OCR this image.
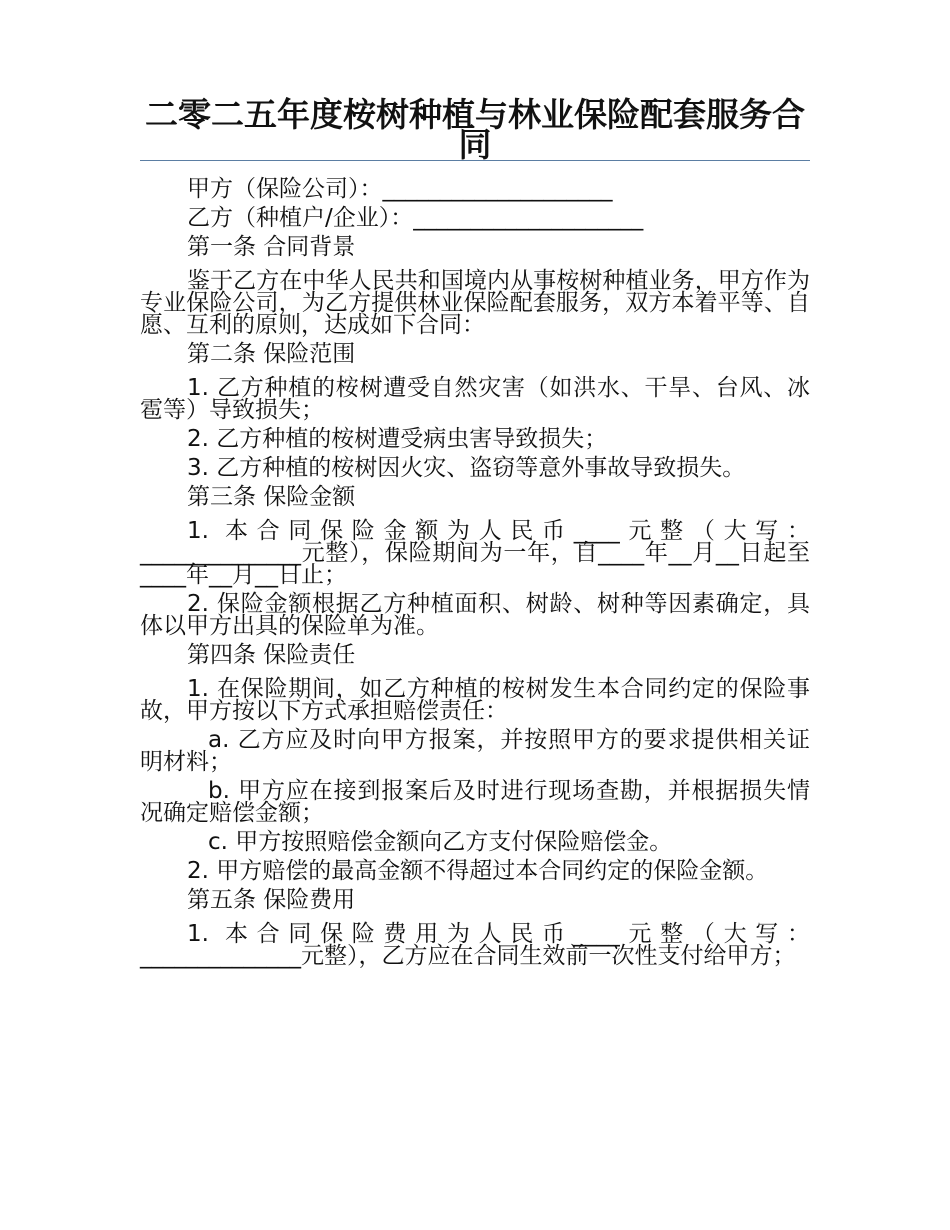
二零二五年度桉树种植与林业保险配套服务合同

甲方（保险公司）：____________________

乙方（种植户/企业）：____________________

第一条 合同背景

鉴于乙方在中华人民共和国境内从事桉树种植业务，甲方作为专业保险公司，为乙方提供林业保险配套服务，双方本着平等、自愿、互利的原则，达成如下合同：

第二条 保险范围

1. 乙方种植的桉树遭受自然灾害（如洪水、干旱、台风、冰雹等）导致损失；

2. 乙方种植的桉树遭受病虫害导致损失；

3. 乙方种植的桉树因火灾、盗窃等意外事故导致损失。

第三条 保险金额

1. 本合同保险金额为人民币____元整（大写：______________元整），保险期间为一年，自____年__月__日起至____年__月__日止；

2. 保险金额根据乙方种植面积、树龄、树种等因素确定，具体以甲方出具的保险单为准。

第四条 保险责任

1. 在保险期间，如乙方种植的桉树发生本合同约定的保险事故，甲方按以下方式承担赔偿责任：

a. 乙方应及时向甲方报案，并按照甲方的要求提供相关证明材料；

b. 甲方应在接到报案后及时进行现场查勘，并根据损失情况确定赔偿金额；

c. 甲方按照赔偿金额向乙方支付保险赔偿金。

2. 甲方赔偿的最高金额不得超过本合同约定的保险金额。

第五条 保险费用

1. 本合同保险费用为人民币____元整（大写：______________元整），乙方应在合同生效前一次性支付给甲方；
